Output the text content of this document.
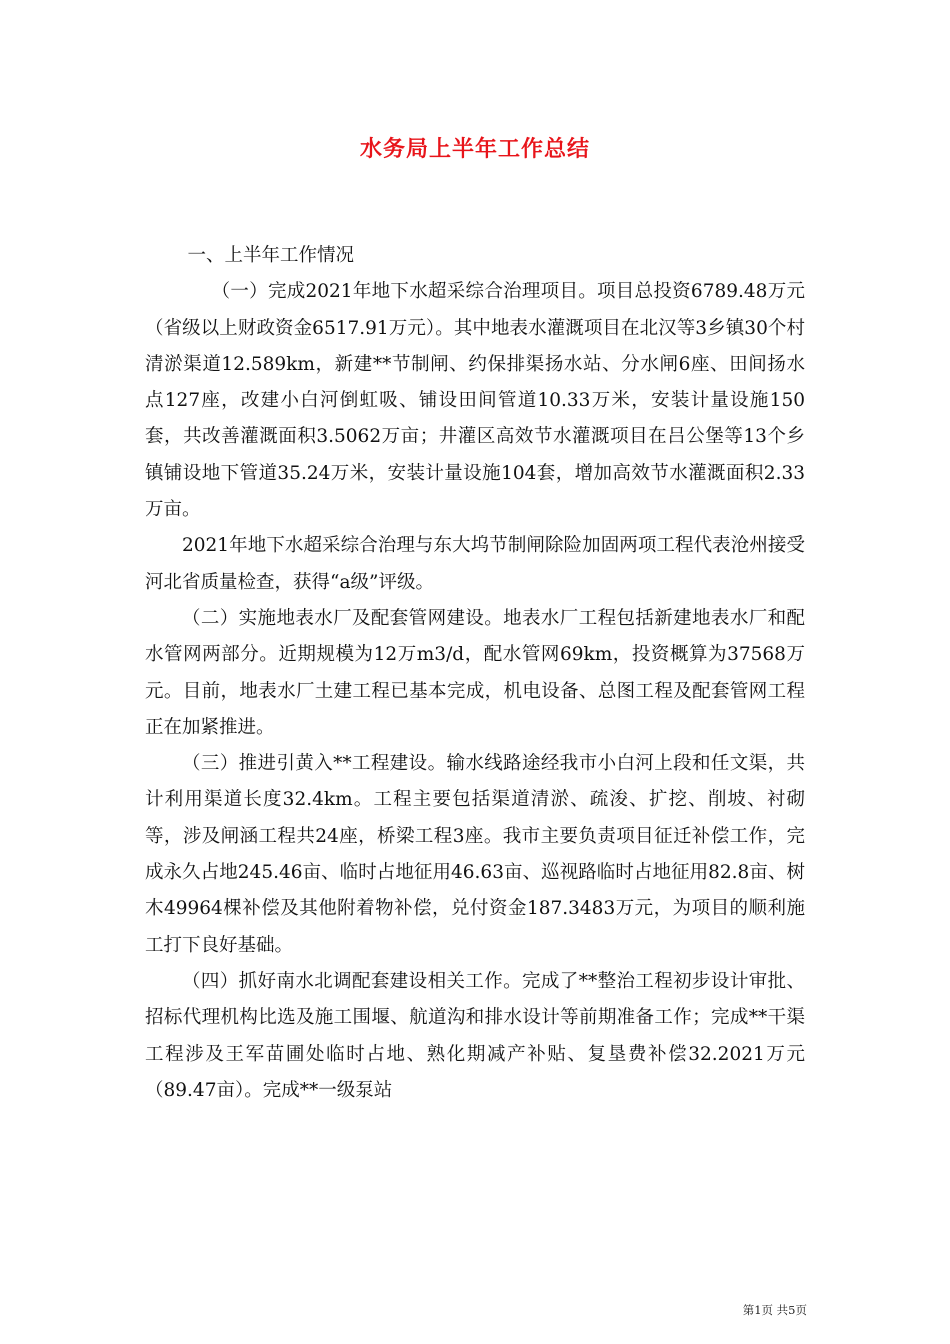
水务局上半年工作总结

一、上半年工作情况

（一）完成2021年地下水超采综合治理项目。项目总投资6789.48万元（省级以上财政资金6517.91万元）。其中地表水灌溉项目在北汉等3乡镇30个村清淤渠道12.589km，新建**节制闸、约保排渠扬水站、分水闸6座、田间扬水点127座，改建小白河倒虹吸、铺设田间管道10.33万米，安装计量设施150套，共改善灌溉面积3.5062万亩；井灌区高效节水灌溉项目在吕公堡等13个乡镇铺设地下管道35.24万米，安装计量设施104套，增加高效节水灌溉面积2.33万亩。

2021年地下水超采综合治理与东大坞节制闸除险加固两项工程代表沧州接受河北省质量检查，获得“a级”评级。

（二）实施地表水厂及配套管网建设。地表水厂工程包括新建地表水厂和配水管网两部分。近期规模为12万m3/d，配水管网69km，投资概算为37568万元。目前，地表水厂土建工程已基本完成，机电设备、总图工程及配套管网工程正在加紧推进。

（三）推进引黄入**工程建设。输水线路途经我市小白河上段和任文渠，共计利用渠道长度32.4km。工程主要包括渠道清淤、疏浚、扩挖、削坡、衬砌等，涉及闸涵工程共24座，桥梁工程3座。我市主要负责项目征迁补偿工作，完成永久占地245.46亩、临时占地征用46.63亩、巡视路临时占地征用82.8亩、树木49964棵补偿及其他附着物补偿，兑付资金187.3483万元，为项目的顺利施工打下良好基础。

（四）抓好南水北调配套建设相关工作。完成了**整治工程初步设计审批、招标代理机构比选及施工围堰、航道沟和排水设计等前期准备工作；完成**干渠工程涉及王军苗圃处临时占地、熟化期减产补贴、复垦费补偿32.2021万元（89.47亩）。完成**一级泵站

第1页 共5页
